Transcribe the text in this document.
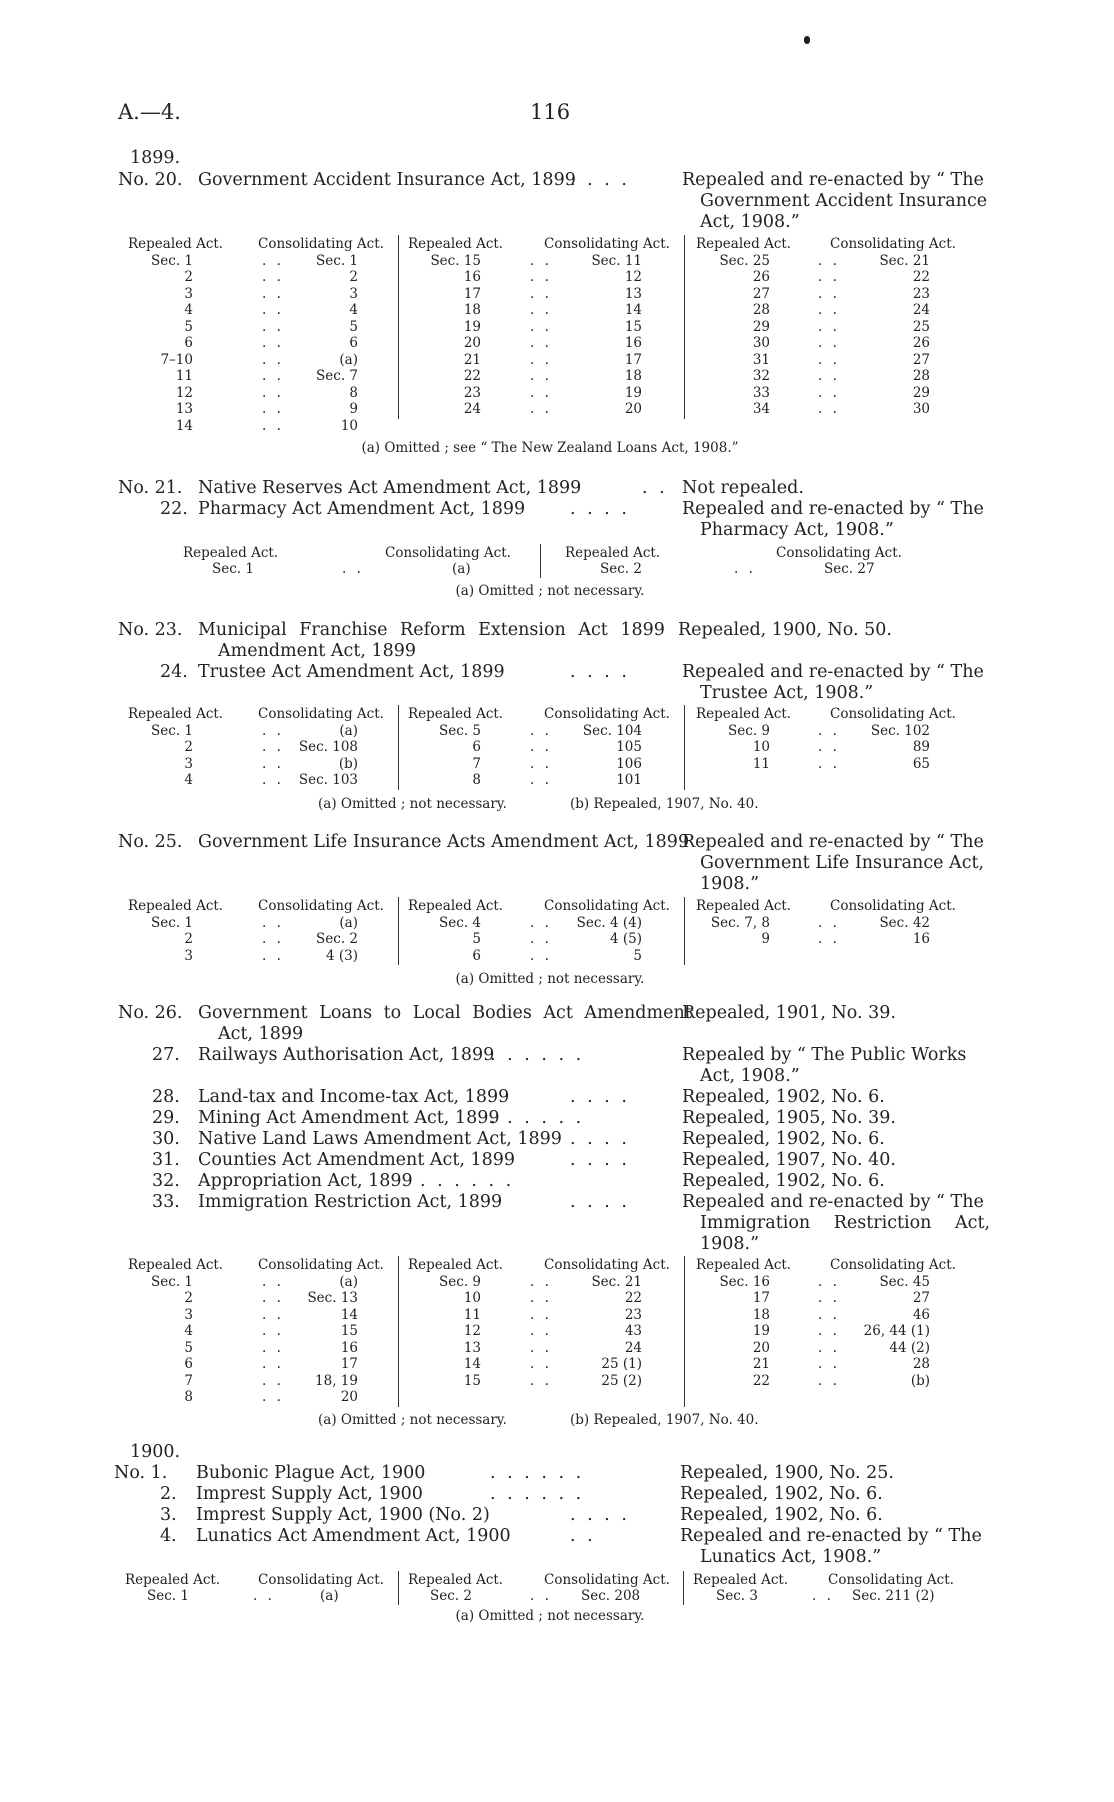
A.—4.	116
1899.
No. 20. Government Accident Insurance Act, 1899
. . . .	Repealed and re-enacted by “ The
Government Accident Insurance
Act, 1908.”
Repealed Act.	Consolidating Act. Repealed Act.	Consolidating Act. Repealed Act.	Consolidating Act.
Sec. 1	. .	Sec. 1
2	. .	2
3	. .	3
4	. .	4
5	. .	5
6	. .	6
7–10	. .	(a)
11	. .	Sec. 7
12	. .	8
13	. .	9
14	. .	10
Sec. 15	. .	Sec. 11
16	. .	12
17	. .	13
18	. .	14
19	. .	15
20	. .	16
21	. .	17
22	. .	18
23	. .	19
24	. .	20
Sec. 25	. .	Sec. 21
26	. .	22
27	. .	23
28	. .	24
29	. .	25
30	. .	26
31	. .	27
32	. .	28
33	. .	29
34	. .	30
(a) Omitted ; see “ The New Zealand Loans Act, 1908.”
No. 21. Native Reserves Act Amendment Act, 1899	. . Not repealed.
22. Pharmacy Act Amendment Act, 1899	. . . .	Repealed and re-enacted by “ The
Pharmacy Act, 1908.”
Repealed Act.	Consolidating Act.	Repealed Act.	Consolidating Act.
Sec. 1	. .	(a)	Sec. 2	. .	Sec. 27
(a) Omitted ; not necessary.
No. 23. Municipal Franchise Reform Extension Act 1899
Amendment Act, 1899
Repealed, 1900, No. 50.
24. Trustee Act Amendment Act, 1899	. . . .	Repealed and re-enacted by “ The
Trustee Act, 1908.”
Repealed Act.	Consolidating Act. Repealed Act.	Consolidating Act. Repealed Act.	Consolidating Act.
Sec. 1	. .	(a)
2	. .	Sec. 108
3	. .	(b)
4	. .	Sec. 103
Sec. 5	. .	Sec. 104
6	. .	105
7	. .	106
8	. .	101
Sec. 9	. .	Sec. 102
10	. .	89
11	. .	65
(a) Omitted ; not necessary.	(b) Repealed, 1907, No. 40.
No. 25. Government Life Insurance Acts Amendment Act, 1899
Repealed and re-enacted by “ The
Government Life Insurance Act,
1908.”
Repealed Act.	Consolidating Act. Repealed Act.	Consolidating Act. Repealed Act.	Consolidating Act.
Sec. 1	. .	(a)
2	. .	Sec. 2
3	. .	4 (3)
Sec. 4	. .	Sec. 4 (4)
5	. .	4 (5)
6	. .	5
Sec. 7, 8	. .	Sec. 42
9	. .	16
(a) Omitted ; not necessary.
No. 26. Government Loans to Local Bodies Act Amendment
Act, 1899
Repealed, 1901, No. 39.
27. Railways Authorisation Act, 1899
. . . . . .	Repealed by “ The Public Works
Act, 1908.”
28. Land-tax and Income-tax Act, 1899	. . . .	Repealed, 1902, No. 6.
29. Mining Act Amendment Act, 1899
. . . . . .	Repealed, 1905, No. 39.
30. Native Land Laws Amendment Act, 1899 . . . .	Repealed, 1902, No. 6.
31. Counties Act Amendment Act, 1899	. . . .	Repealed, 1907, No. 40.
32. Appropriation Act, 1899 . . . . . .	Repealed, 1902, No. 6.
33. Immigration Restriction Act, 1899	. . . .	Repealed and re-enacted by “ The
Immigration Restriction Act,
1908.”
Repealed Act.	Consolidating Act. Repealed Act.	Consolidating Act. Repealed Act.	Consolidating Act.
Sec. 1	. .	(a)
2	. .	Sec. 13
3	. .	14
4	. .	15
5	. .	16
6	. .	17
7	. .	18, 19
8	. .	20
Sec. 9	. .	Sec. 21
10	. .	22
11	. .	23
12	. .	43
13	. .	24
14	. .	25 (1)
15	. .	25 (2)
Sec. 16	. .	Sec. 45
17	. .	27
18	. .	46
19	. .	26, 44 (1)
20	. .	44 (2)
21	. .	28
22	. .	(b)
(a) Omitted ; not necessary.	(b) Repealed, 1907, No. 40.
1900.
No. 1. Bubonic Plague Act, 1900	. . . . . .	Repealed, 1900, No. 25.
2. Imprest Supply Act, 1900	. . . . . .	Repealed, 1902, No. 6.
3. Imprest Supply Act, 1900 (No. 2)	. . . .	Repealed, 1902, No. 6.
4. Lunatics Act Amendment Act, 1900	. .	Repealed and re-enacted by “ The
Lunatics Act, 1908.”
Repealed Act.	Consolidating Act. Repealed Act.	Consolidating Act. Repealed Act.	Consolidating Act.
Sec. 1	. .	(a)	Sec. 2	. . Sec. 208	Sec. 3	. . Sec. 211 (2)
(a) Omitted ; not necessary.
